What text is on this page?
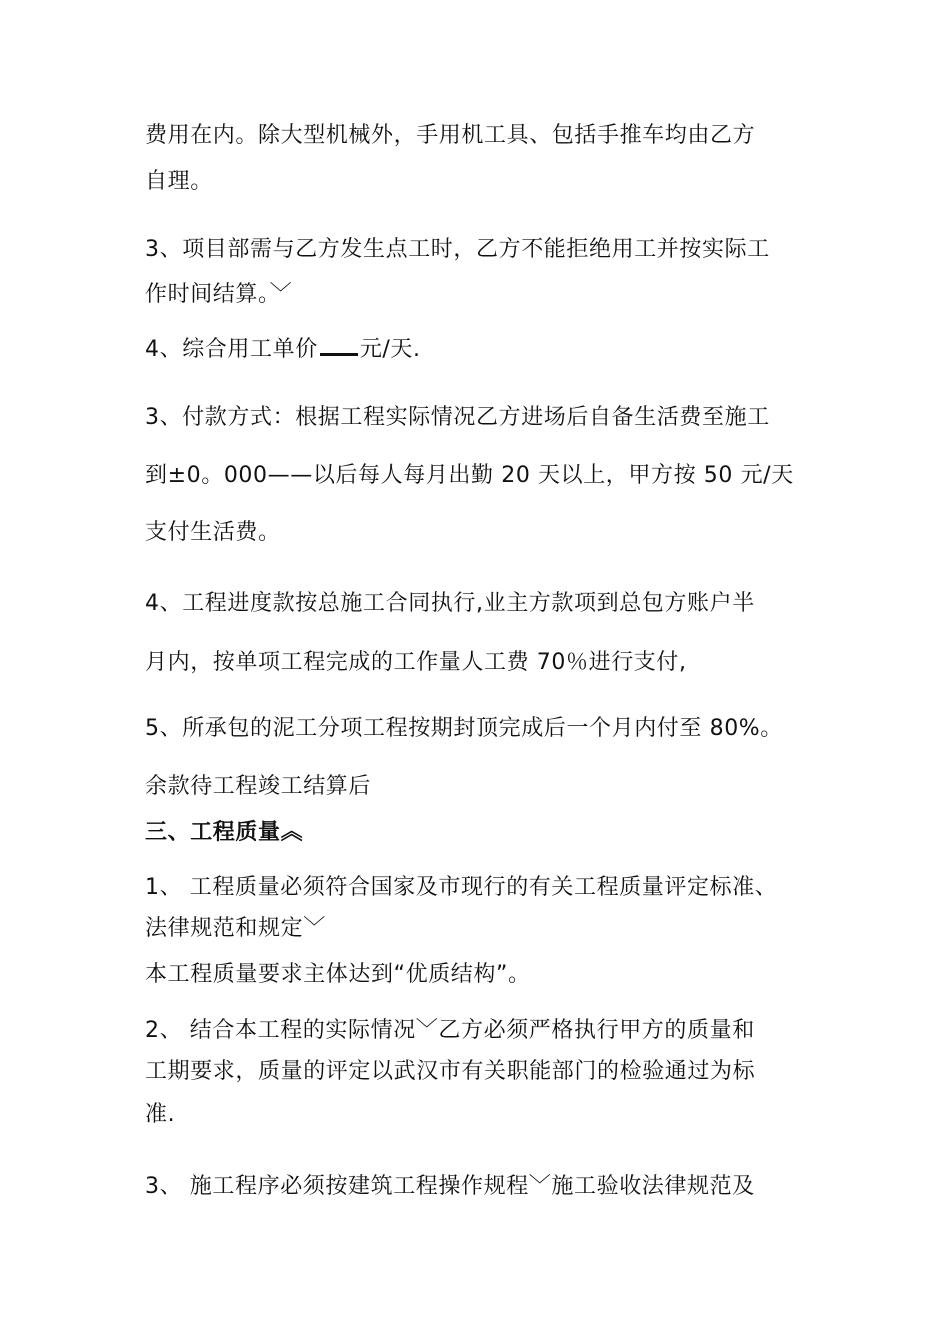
费用在内。除大型机械外，手用机工具、包括手推车均由乙方
自理。
3、项目部需与乙方发生点工时，乙方不能拒绝用工并按实际工
作时间结算。﹀
4、综合用工单价 元/天.
3、付款方式：根据工程实际情况乙方进场后自备生活费至施工
到±0。000——以后每人每月出勤 20 天以上，甲方按 50 元/天
支付生活费。
4、工程进度款按总施工合同执行,业主方款项到总包方账户半
月内，按单项工程完成的工作量人工费 70％进行支付,
5、所承包的泥工分项工程按期封顶完成后一个月内付至 80%。
余款待工程竣工结算后
三、工程质量︽
1、 工程质量必须符合国家及市现行的有关工程质量评定标准、
法律规范和规定﹀
本工程质量要求主体达到“优质结构”。
2、 结合本工程的实际情况﹀乙方必须严格执行甲方的质量和
工期要求，质量的评定以武汉市有关职能部门的检验通过为标
准.
3、 施工程序必须按建筑工程操作规程﹀施工验收法律规范及
